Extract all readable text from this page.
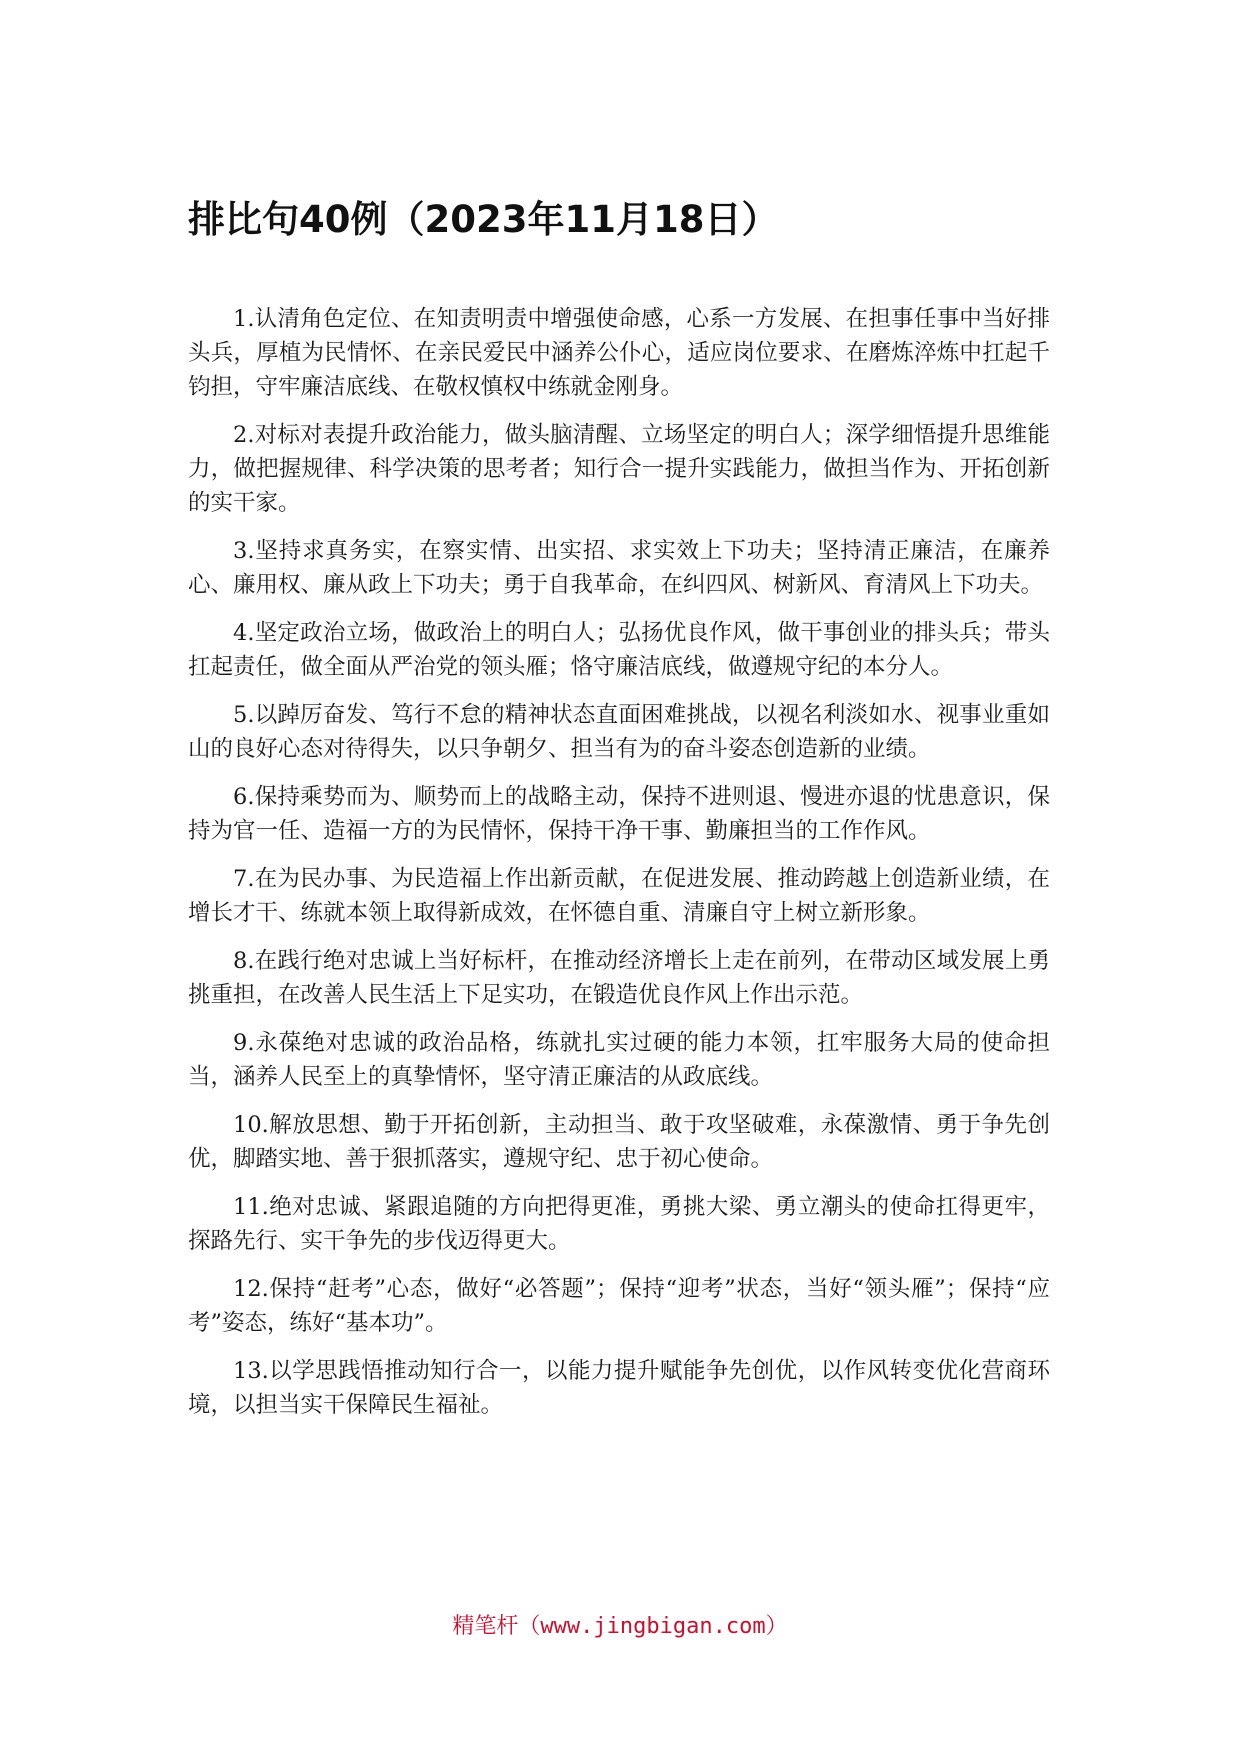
排比句40例（2023年11月18日）

1.认清角色定位、在知责明责中增强使命感，心系一方发展、在担事任事中当好排头兵，厚植为民情怀、在亲民爱民中涵养公仆心，适应岗位要求、在磨炼淬炼中扛起千钧担，守牢廉洁底线、在敬权慎权中练就金刚身。

2.对标对表提升政治能力，做头脑清醒、立场坚定的明白人；深学细悟提升思维能力，做把握规律、科学决策的思考者；知行合一提升实践能力，做担当作为、开拓创新的实干家。

3.坚持求真务实，在察实情、出实招、求实效上下功夫；坚持清正廉洁，在廉养心、廉用权、廉从政上下功夫；勇于自我革命，在纠四风、树新风、育清风上下功夫。

4.坚定政治立场，做政治上的明白人；弘扬优良作风，做干事创业的排头兵；带头扛起责任，做全面从严治党的领头雁；恪守廉洁底线，做遵规守纪的本分人。

5.以踔厉奋发、笃行不怠的精神状态直面困难挑战，以视名利淡如水、视事业重如山的良好心态对待得失，以只争朝夕、担当有为的奋斗姿态创造新的业绩。

6.保持乘势而为、顺势而上的战略主动，保持不进则退、慢进亦退的忧患意识，保持为官一任、造福一方的为民情怀，保持干净干事、勤廉担当的工作作风。

7.在为民办事、为民造福上作出新贡献，在促进发展、推动跨越上创造新业绩，在增长才干、练就本领上取得新成效，在怀德自重、清廉自守上树立新形象。

8.在践行绝对忠诚上当好标杆，在推动经济增长上走在前列，在带动区域发展上勇挑重担，在改善人民生活上下足实功，在锻造优良作风上作出示范。

9.永葆绝对忠诚的政治品格，练就扎实过硬的能力本领，扛牢服务大局的使命担当，涵养人民至上的真挚情怀，坚守清正廉洁的从政底线。

10.解放思想、勤于开拓创新，主动担当、敢于攻坚破难，永葆激情、勇于争先创优，脚踏实地、善于狠抓落实，遵规守纪、忠于初心使命。

11.绝对忠诚、紧跟追随的方向把得更准，勇挑大梁、勇立潮头的使命扛得更牢，探路先行、实干争先的步伐迈得更大。

12.保持“赶考”心态，做好“必答题”；保持“迎考”状态，当好“领头雁”；保持“应考”姿态，练好“基本功”。

13.以学思践悟推动知行合一，以能力提升赋能争先创优，以作风转变优化营商环境，以担当实干保障民生福祉。

精笔杆（www.jingbigan.com）
